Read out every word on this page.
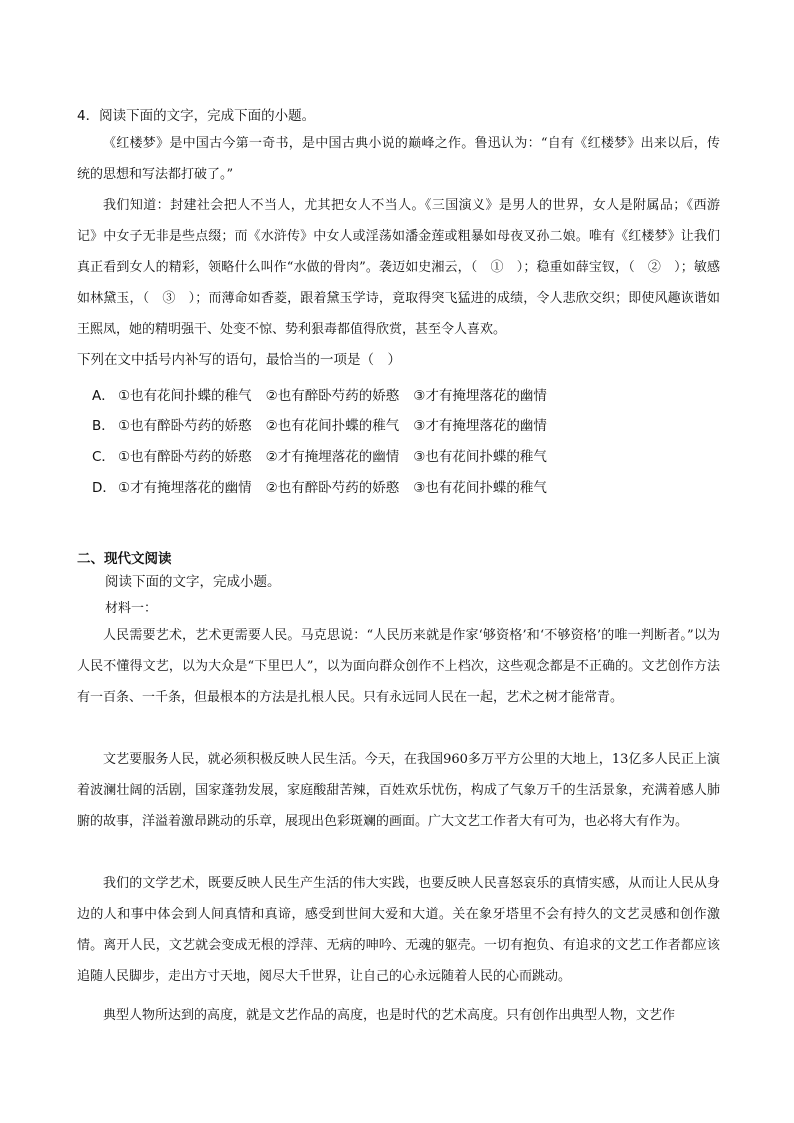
4．阅读下面的文字，完成下面的小题。

《红楼梦》是中国古今第一奇书，是中国古典小说的巅峰之作。鲁迅认为：“自有《红楼梦》出来以后，传统的思想和写法都打破了。”

我们知道：封建社会把人不当人，尤其把女人不当人。《三国演义》是男人的世界，女人是附属品；《西游记》中女子无非是些点缀；而《水浒传》中女人或淫荡如潘金莲或粗暴如母夜叉孙二娘。唯有《红楼梦》让我们真正看到女人的精彩，领略什么叫作“水做的骨肉”。袭迈如史湘云，（　①　）；稳重如薛宝钗，（　②　）；敏感如林黛玉，（　③　）；而薄命如香菱，跟着黛玉学诗，竟取得突飞猛进的成绩，令人悲欣交织；即使风趣诙谐如王熙凤，她的精明强干、处变不惊、势利狠毒都值得欣赏，甚至令人喜欢。

下列在文中括号内补写的语句，最恰当的一项是（　）
A． ①也有花间扑蝶的稚气 ②也有醉卧芍药的娇憨 ③才有掩埋落花的幽情
B． ①也有醉卧芍药的娇憨 ②也有花间扑蝶的稚气 ③才有掩埋落花的幽情
C． ①也有醉卧芍药的娇憨 ②才有掩埋落花的幽情 ③也有花间扑蝶的稚气
D． ①才有掩埋落花的幽情 ②也有醉卧芍药的娇憨 ③也有花间扑蝶的稚气
二、现代文阅读
阅读下面的文字，完成小题。
材料一：

人民需要艺术，艺术更需要人民。马克思说：“人民历来就是作家‘够资格’和‘不够资格’的唯一判断者。”以为人民不懂得文艺，以为大众是“下里巴人”，以为面向群众创作不上档次，这些观念都是不正确的。文艺创作方法有一百条、一千条，但最根本的方法是扎根人民。只有永远同人民在一起，艺术之树才能常青。

文艺要服务人民，就必须积极反映人民生活。今天，在我国960多万平方公里的大地上，13亿多人民正上演着波澜壮阔的活剧，国家蓬勃发展，家庭酸甜苦辣，百姓欢乐忧伤，构成了气象万千的生活景象，充满着感人肺腑的故事，洋溢着激昂跳动的乐章，展现出色彩斑斓的画面。广大文艺工作者大有可为，也必将大有作为。

我们的文学艺术，既要反映人民生产生活的伟大实践，也要反映人民喜怒哀乐的真情实感，从而让人民从身边的人和事中体会到人间真情和真谛，感受到世间大爱和大道。关在象牙塔里不会有持久的文艺灵感和创作激情。离开人民，文艺就会变成无根的浮萍、无病的呻吟、无魂的躯壳。一切有抱负、有追求的文艺工作者都应该追随人民脚步，走出方寸天地，阅尽大千世界，让自己的心永远随着人民的心而跳动。

典型人物所达到的高度，就是文艺作品的高度，也是时代的艺术高度。只有创作出典型人物，文艺作
